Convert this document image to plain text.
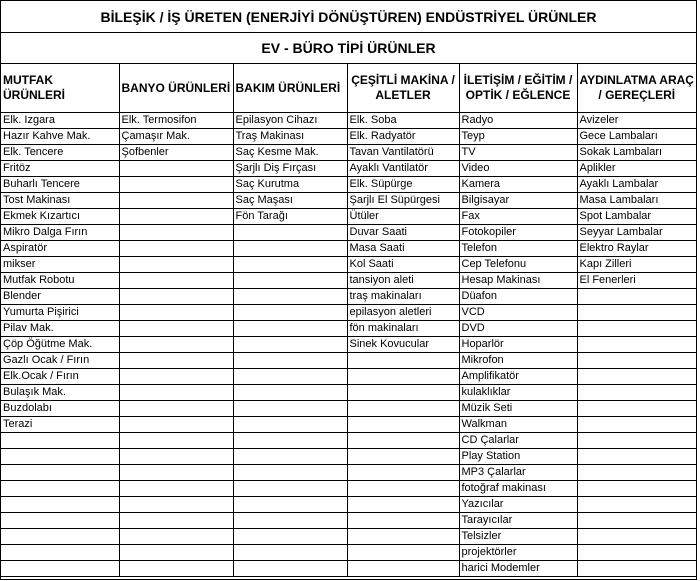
BİLEŞİK / İŞ ÜRETEN (ENERJİYİ DÖNÜŞTÜREN) ENDÜSTRİYEL ÜRÜNLER
EV - BÜRO TİPİ ÜRÜNLER
MUTFAK ÜRÜNLERİ	BANYO ÜRÜNLERİ	BAKIM ÜRÜNLERİ	ÇEŞİTLİ MAKİNA / ALETLER	İLETİŞİM / EĞİTİM / OPTİK / EĞLENCE	AYDINLATMA ARAÇ / GEREÇLERİ
Elk. Izgara	Elk. Termosifon	Epilasyon Cihazı	Elk. Soba	Radyo	Avizeler
Hazır Kahve Mak.	Çamaşır Mak.	Traş Makinası	Elk. Radyatör	Teyp	Gece Lambaları
Elk. Tencere	Şofbenler	Saç Kesme Mak.	Tavan Vantilatörü	TV	Sokak Lambaları
Fritöz		Şarjlı Diş Fırçası	Ayaklı Vantilatör	Video	Aplikler
Buharlı Tencere		Saç Kurutma	Elk. Süpürge	Kamera	Ayaklı Lambalar
Tost Makinası		Saç Maşası	Şarjlı El Süpürgesi	Bilgisayar	Masa Lambaları
Ekmek Kızartıcı		Fön Tarağı	Ütüler	Fax	Spot Lambalar
Mikro Dalga Fırın			Duvar Saati	Fotokopiler	Seyyar Lambalar
Aspiratör			Masa Saati	Telefon	Elektro Raylar
mikser			Kol Saati	Cep Telefonu	Kapı Zilleri
Mutfak Robotu			tansiyon aleti	Hesap Makinası	El Fenerleri
Blender			traş makinaları	Düafon	
Yumurta Pişirici			epilasyon aletleri	VCD	
Pilav Mak.			fön makinaları	DVD	
Çöp Öğütme Mak.			Sinek Kovucular	Hoparlör	
Gazlı Ocak / Fırın				Mikrofon	
Elk.Ocak / Fırın				Amplifikatör	
Bulaşık Mak.				kulaklıklar	
Buzdolabı				Müzik Seti	
Terazi				Walkman	
				CD Çalarlar	
				Play Station	
				MP3 Çalarlar	
				fotoğraf makinası	
				Yazıcılar	
				Tarayıcılar	
				Telsizler	
				projektörler	
				harici Modemler	
